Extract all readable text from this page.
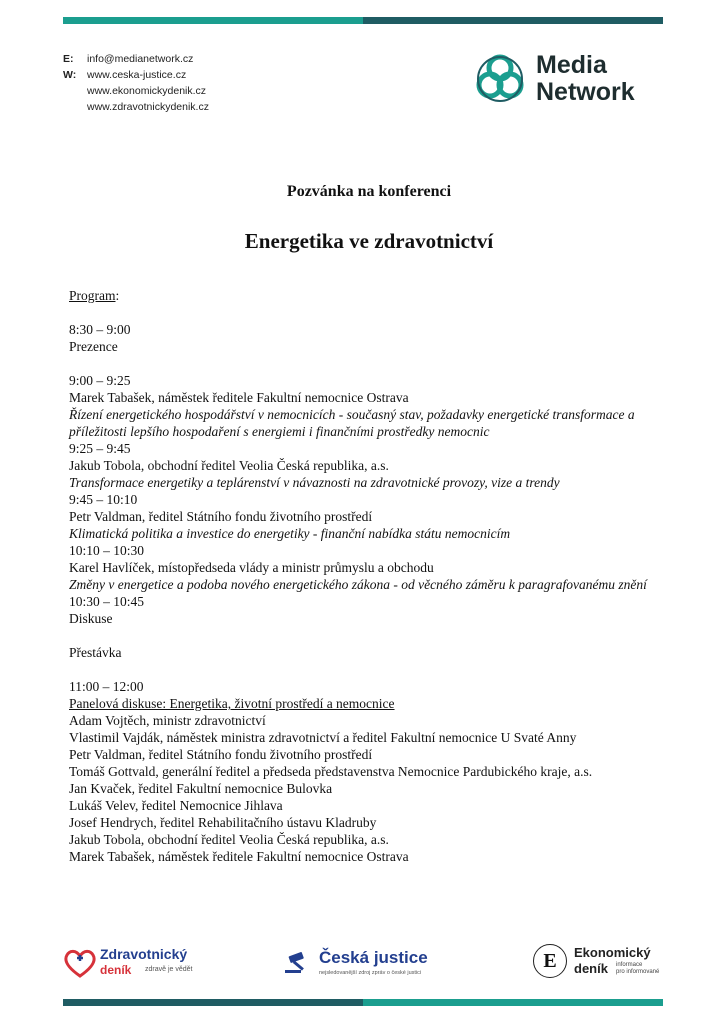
E:	info@medianetwork.cz
W:	www.ceska-justice.cz
www.ekonomickydenik.cz
www.zdravotnickydenik.cz
Media
Network
Pozvánka na konferenci
Energetika ve zdravotnictví
Program:
8:30 – 9:00
Prezence
9:00 – 9:25
Marek Tabašek, náměstek ředitele Fakultní nemocnice Ostrava
Řízení energetického hospodářství v nemocnicích - současný stav, požadavky energetické transformace a příležitosti lepšího hospodaření s energiemi i finančními prostředky nemocnic
9:25 – 9:45
Jakub Tobola, obchodní ředitel Veolia Česká republika, a.s.
Transformace energetiky a teplárenství v návaznosti na zdravotnické provozy, vize a trendy
9:45 – 10:10
Petr Valdman, ředitel Státního fondu životního prostředí
Klimatická politika a investice do energetiky - finanční nabídka státu nemocnicím
10:10 – 10:30
Karel Havlíček, místopředseda vlády a ministr průmyslu a obchodu
Změny v energetice a podoba nového energetického zákona - od věcného záměru k paragrafovanému znění
10:30 – 10:45
Diskuse
Přestávka
11:00 – 12:00
Panelová diskuse: Energetika, životní prostředí a nemocnice
Adam Vojtěch, ministr zdravotnictví
Vlastimil Vajdák, náměstek ministra zdravotnictví a ředitel Fakultní nemocnice U Svaté Anny
Petr Valdman, ředitel Státního fondu životního prostředí
Tomáš Gottvald, generální ředitel a předseda představenstva Nemocnice Pardubického kraje, a.s.
Jan Kvaček, ředitel Fakultní nemocnice Bulovka
Lukáš Velev, ředitel Nemocnice Jihlava
Josef Hendrych, ředitel Rehabilitačního ústavu Kladruby
Jakub Tobola, obchodní ředitel Veolia Česká republika, a.s.
Marek Tabašek, náměstek ředitele Fakultní nemocnice Ostrava
Zdravotnický
deník zdravě je vědět
Česká justice
nejsledovanější zdroj zpráv o české justici
E	Ekonomický
deník informace
pro informované
